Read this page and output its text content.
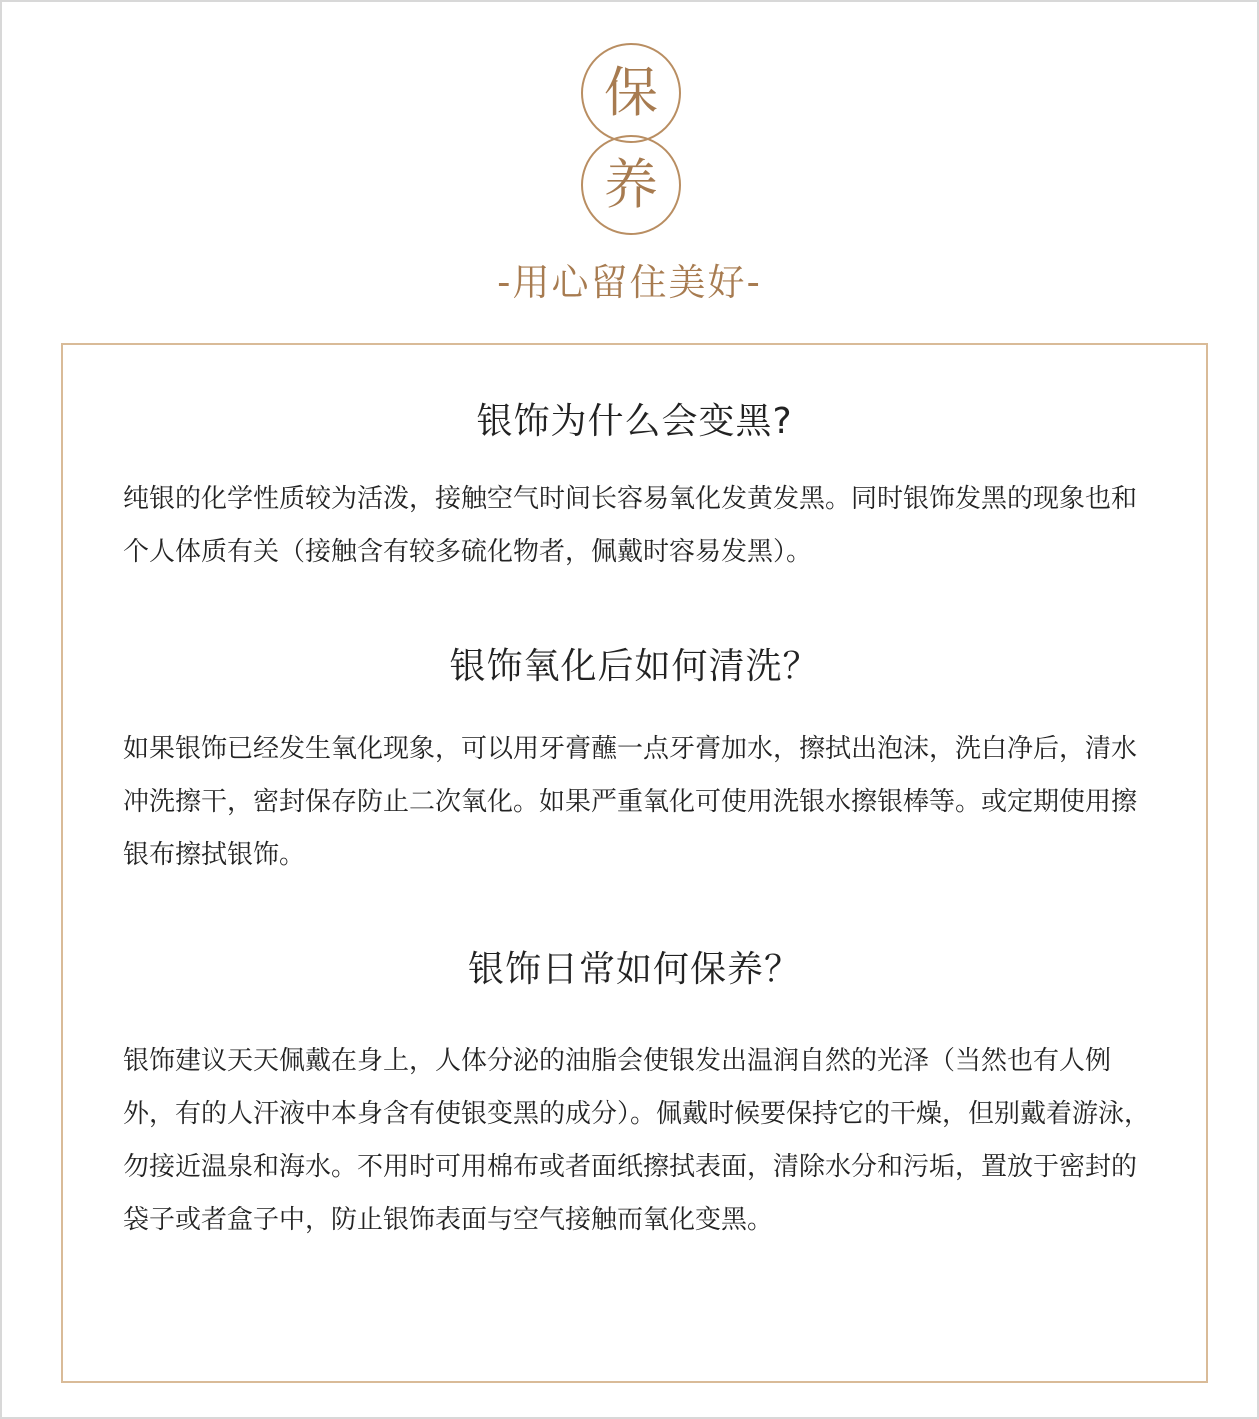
保
养
-用心留住美好-
银饰为什么会变黑?

纯银的化学性质较为活泼，接触空气时间长容易氧化发黄发黑。同时银饰发黑的现象也和个人体质有关（接触含有较多硫化物者，佩戴时容易发黑）。

银饰氧化后如何清洗？

如果银饰已经发生氧化现象，可以用牙膏蘸一点牙膏加水，擦拭出泡沫，洗白净后，清水冲洗擦干，密封保存防止二次氧化。如果严重氧化可使用洗银水擦银棒等。或定期使用擦银布擦拭银饰。

银饰日常如何保养？

银饰建议天天佩戴在身上，人体分泌的油脂会使银发出温润自然的光泽（当然也有人例外，有的人汗液中本身含有使银变黑的成分）。佩戴时候要保持它的干燥，但别戴着游泳，勿接近温泉和海水。不用时可用棉布或者面纸擦拭表面，清除水分和污垢，置放于密封的袋子或者盒子中，防止银饰表面与空气接触而氧化变黑。
